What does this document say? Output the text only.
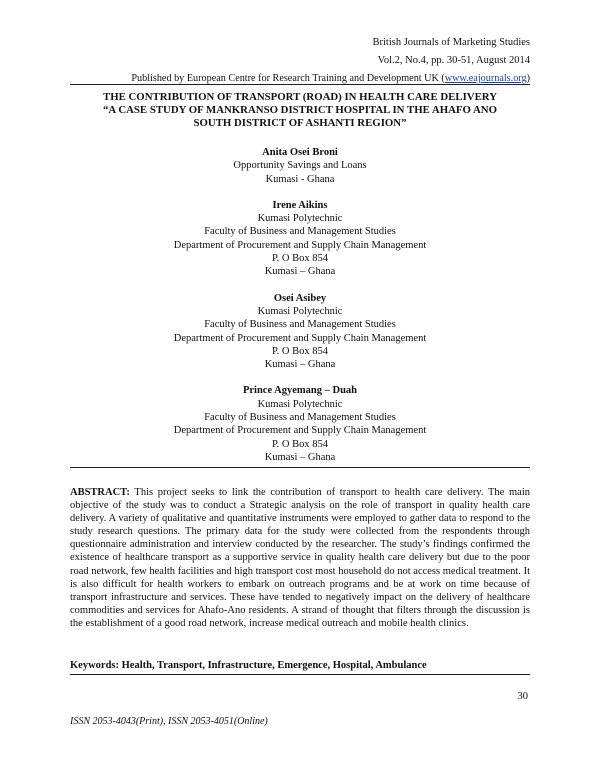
British Journals of Marketing Studies
Vol.2, No.4, pp. 30-51, August 2014
Published by European Centre for Research Training and Development UK (www.eajournals.org)
THE CONTRIBUTION OF TRANSPORT (ROAD) IN HEALTH CARE DELIVERY
“A CASE STUDY OF MANKRANSO DISTRICT HOSPITAL IN THE AHAFO ANO
SOUTH DISTRICT OF ASHANTI REGION”
Anita Osei Broni
Opportunity Savings and Loans
Kumasi - Ghana
Irene Aikins
Kumasi Polytechnic
Faculty of Business and Management Studies
Department of Procurement and Supply Chain Management
P. O Box 854
Kumasi – Ghana
Osei Asibey
Kumasi Polytechnic
Faculty of Business and Management Studies
Department of Procurement and Supply Chain Management
P. O Box 854
Kumasi – Ghana
Prince Agyemang – Duah
Kumasi Polytechnic
Faculty of Business and Management Studies
Department of Procurement and Supply Chain Management
P. O Box 854
Kumasi – Ghana
ABSTRACT: This project seeks to link the contribution of transport to health care delivery. The main objective of the study was to conduct a Strategic analysis on the role of transport in quality health care delivery. A variety of qualitative and quantitative instruments were employed to gather data to respond to the study research questions. The primary data for the study were collected from the respondents through questionnaire administration and interview conducted by the researcher. The study’s findings confirmed the existence of healthcare transport as a supportive service in quality health care delivery but due to the poor road network, few health facilities and high transport cost most household do not access medical treatment. It is also difficult for health workers to embark on outreach programs and be at work on time because of transport infrastructure and services. These have tended to negatively impact on the delivery of healthcare commodities and services for Ahafo-Ano residents. A strand of thought that filters through the discussion is the establishment of a good road network, increase medical outreach and mobile health clinics.
Keywords: Health, Transport, Infrastructure, Emergence, Hospital, Ambulance
30
ISSN 2053-4043(Print), ISSN 2053-4051(Online)
